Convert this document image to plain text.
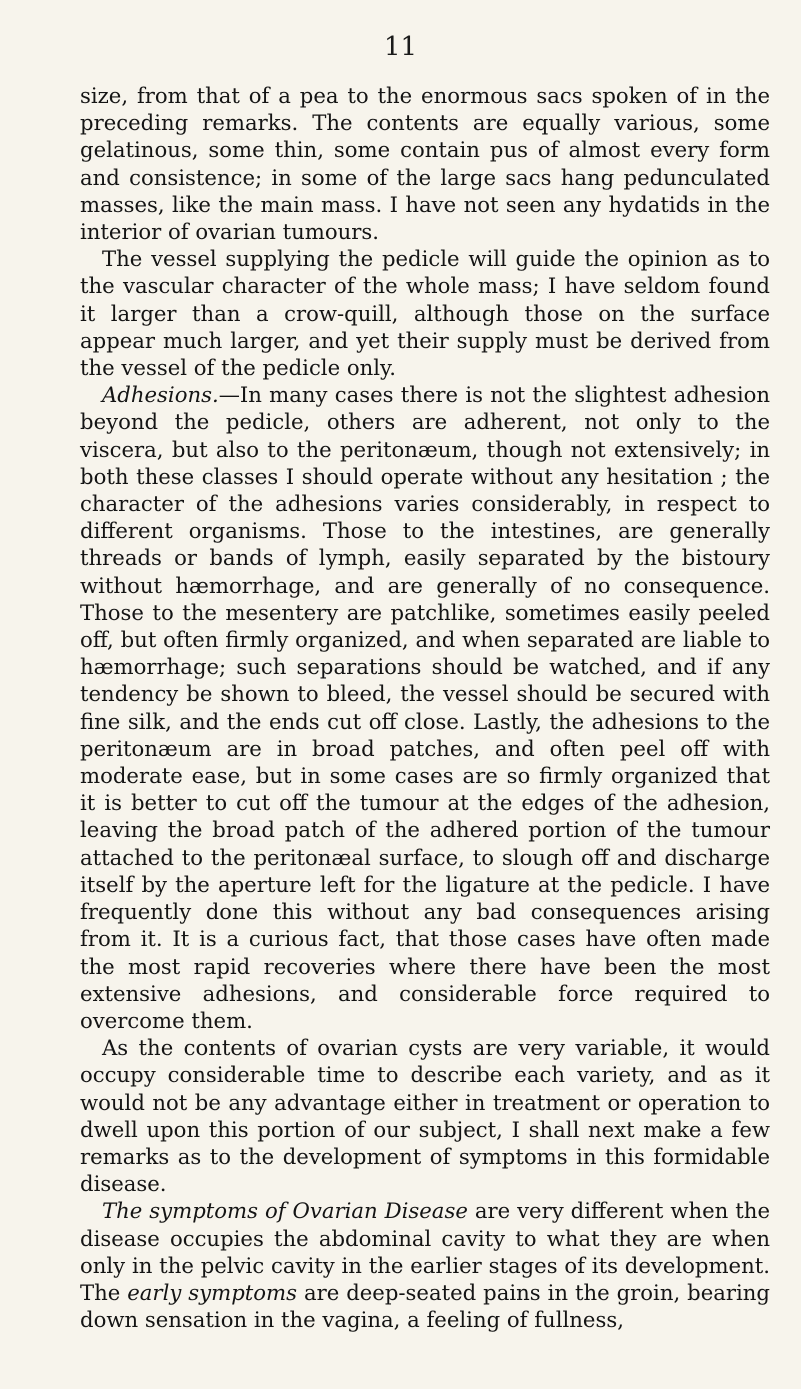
11

size, from that of a pea to the enormous sacs spoken of in the preceding remarks. The contents are equally various, some gelatinous, some thin, some contain pus of almost every form and consistence; in some of the large sacs hang pedunculated masses, like the main mass. I have not seen any hydatids in the interior of ovarian tumours.

The vessel supplying the pedicle will guide the opinion as to the vascular character of the whole mass; I have seldom found it larger than a crow-quill, although those on the surface appear much larger, and yet their supply must be derived from the vessel of the pedicle only.

Adhesions.—In many cases there is not the slightest adhesion beyond the pedicle, others are adherent, not only to the viscera, but also to the peritonæum, though not extensively; in both these classes I should operate without any hesitation ; the character of the adhesions varies considerably, in respect to different organisms. Those to the intestines, are generally threads or bands of lymph, easily separated by the bistoury without hæmorrhage, and are generally of no consequence. Those to the mesentery are patchlike, sometimes easily peeled off, but often firmly organized, and when separated are liable to hæmorrhage; such separations should be watched, and if any tendency be shown to bleed, the vessel should be secured with fine silk, and the ends cut off close. Lastly, the adhesions to the peritonæum are in broad patches, and often peel off with moderate ease, but in some cases are so firmly organized that it is better to cut off the tumour at the edges of the adhesion, leaving the broad patch of the adhered portion of the tumour attached to the peritonæal surface, to slough off and discharge itself by the aperture left for the ligature at the pedicle. I have frequently done this without any bad consequences arising from it. It is a curious fact, that those cases have often made the most rapid recoveries where there have been the most extensive adhesions, and considerable force required to overcome them.

As the contents of ovarian cysts are very variable, it would occupy considerable time to describe each variety, and as it would not be any advantage either in treatment or operation to dwell upon this portion of our subject, I shall next make a few remarks as to the development of symptoms in this formidable disease.

The symptoms of Ovarian Disease are very different when the disease occupies the abdominal cavity to what they are when only in the pelvic cavity in the earlier stages of its development. The early symptoms are deep-seated pains in the groin, bearing down sensation in the vagina, a feeling of fullness,
